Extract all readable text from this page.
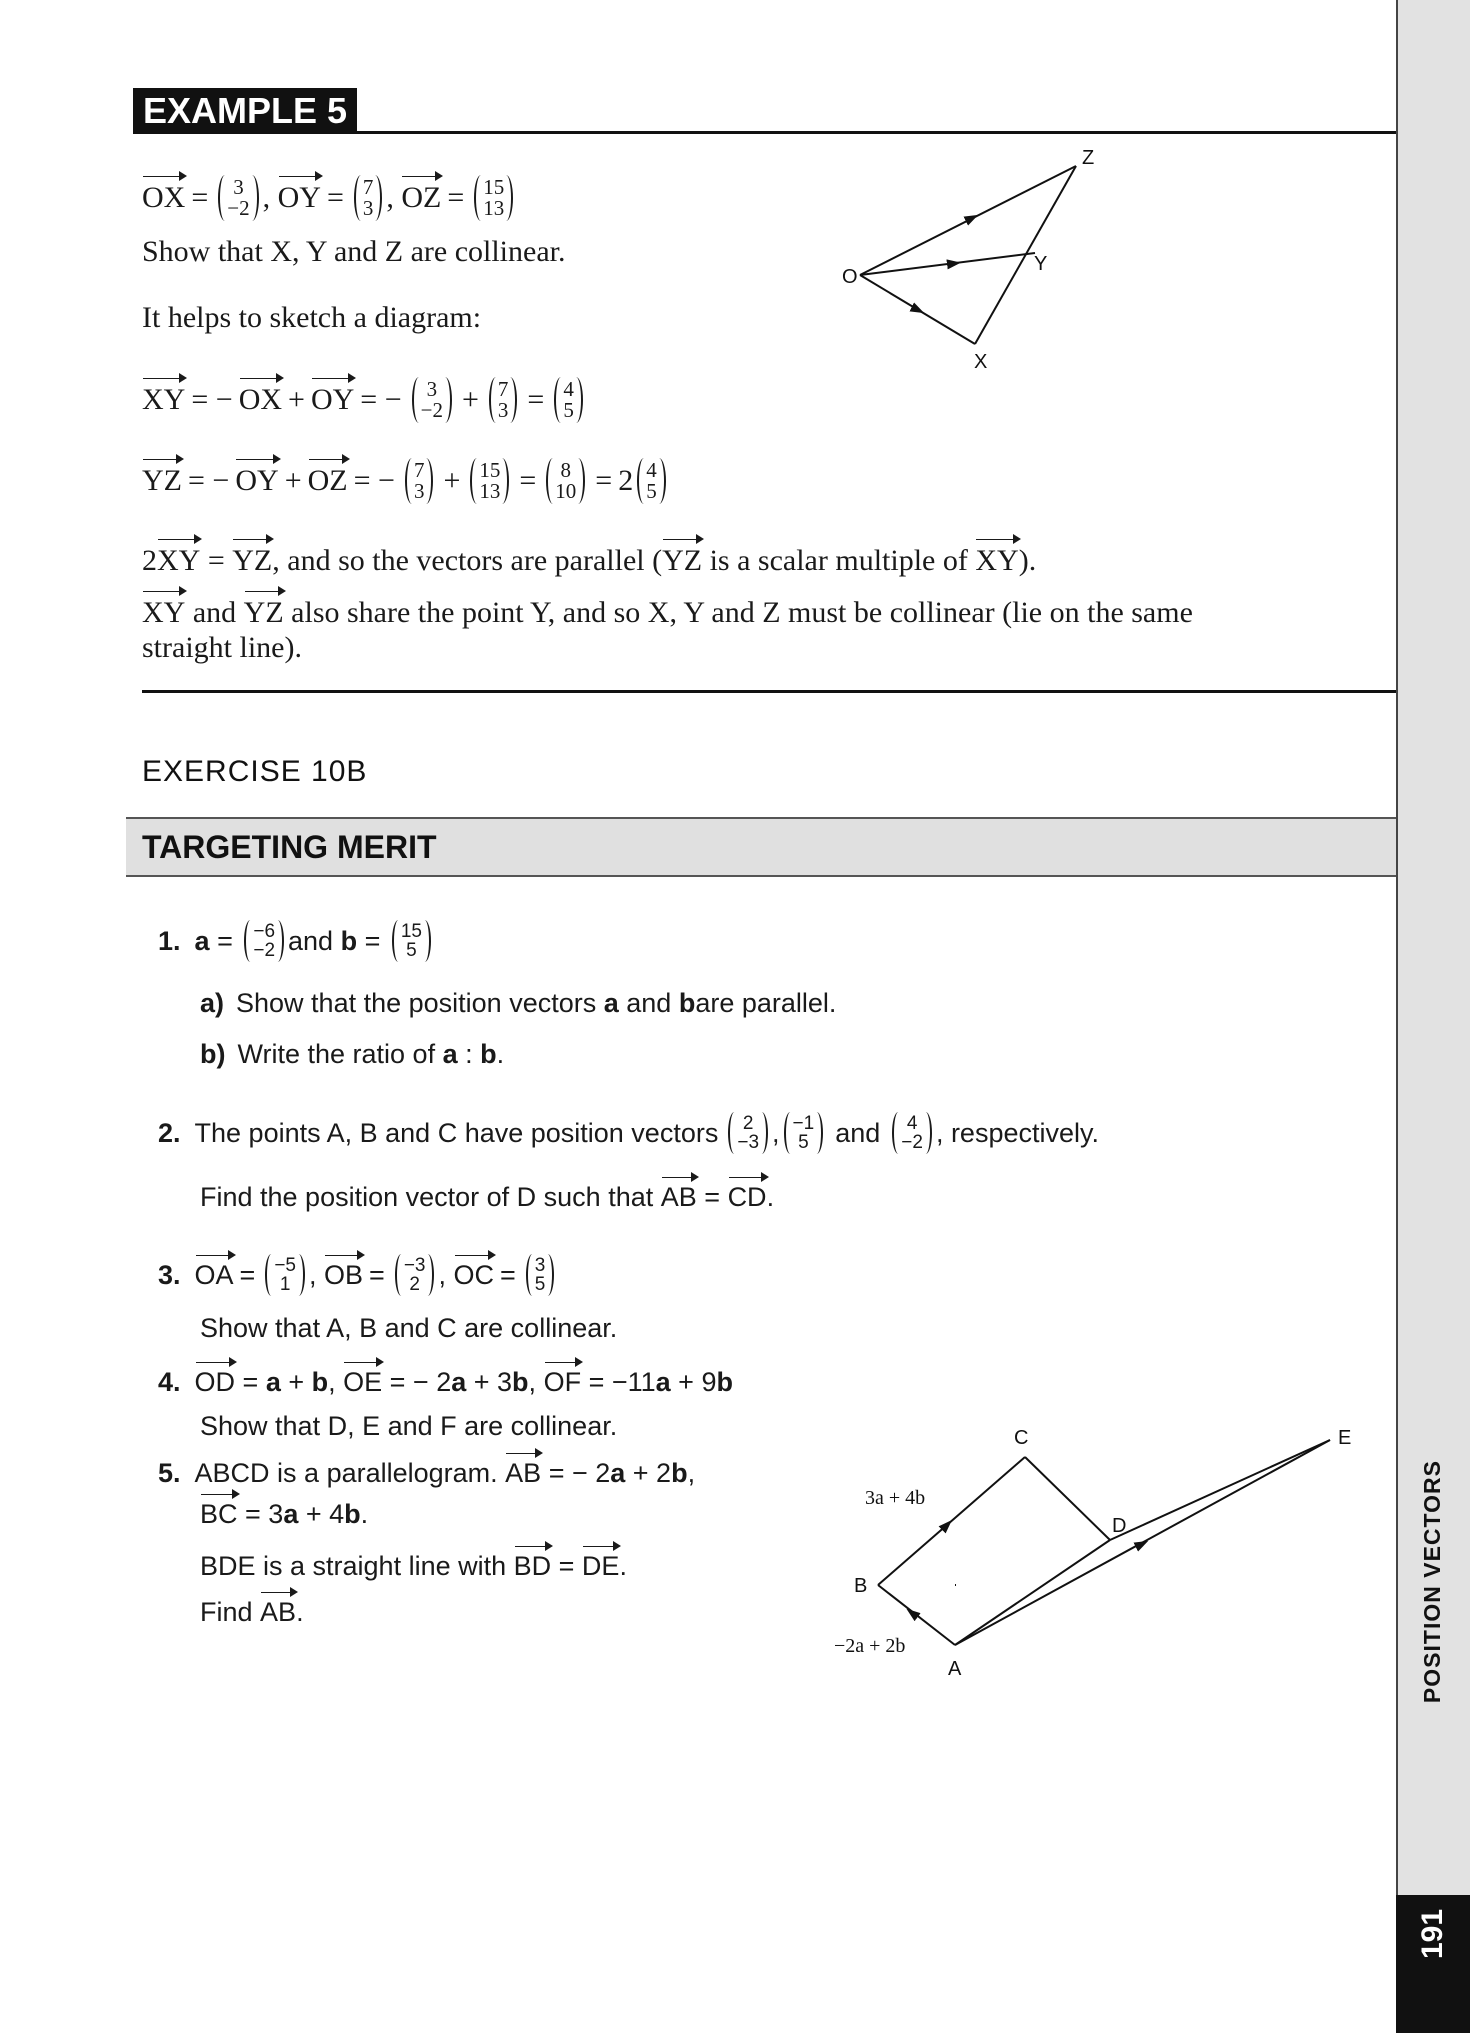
POSITION VECTORS
191
EXAMPLE 5
OX = 3
−2 , OY = 7
3 , OZ = 15
13
Show that X, Y and Z are collinear.
It helps to sketch a diagram:
XY = − OX + OY = − 3
−2 + 7
3 = 4
5
YZ = − OY + OZ = − 7
3 + 15
13 = 8
10 = 2 4
5
2 XY = YZ , and so the vectors are parallel ( YZ is a scalar multiple of XY ).
XY and YZ also share the point Y, and so X, Y and Z must be collinear (lie on the same
straight line).
O
X
Y
Z
EXERCISE 10B
TARGETING MERIT
1. a = −6
−2 and b = 15
5
a) Show that the position vectors a and b are parallel.
b) Write the ratio of a : b .
2. The points A, B and C have position vectors 2
−3 , −1
5 and 4
−2 , respectively.
Find the position vector of D such that AB = CD .
3. OA = −5
1 , OB = −3
2 , OC = 3
5
Show that A, B and C are collinear.
4. OD = a + b , OE = − 2 a + 3 b , OF = −11 a + 9 b
Show that D, E and F are collinear.
5. ABCD is a parallelogram. AB = − 2 a + 2 b ,
BC = 3 a + 4 b .
BDE is a straight line with BD = DE .
Find AB .
A
B
C
D
E
3a + 4b
−2a + 2b
